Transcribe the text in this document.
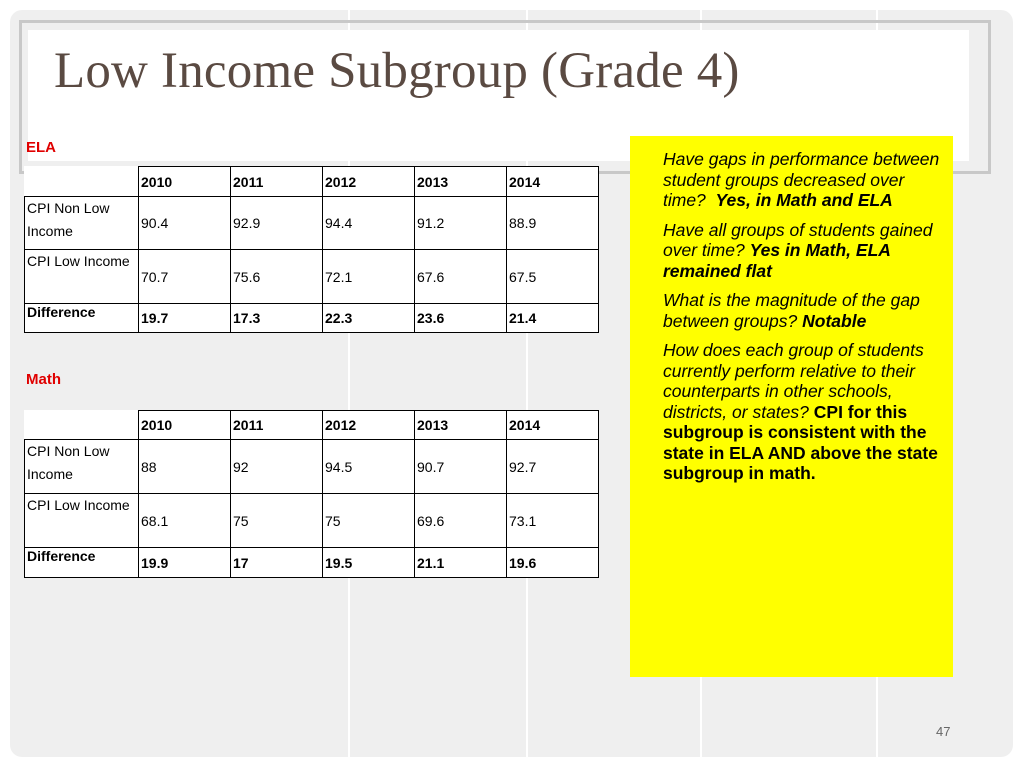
Low Income Subgroup (Grade 4)
ELA
	2010	2011	2012	2013	2014
CPI Non Low Income	90.4	92.9	94.4	91.2	88.9
CPI Low Income	70.7	75.6	72.1	67.6	67.5
Difference	19.7	17.3	22.3	23.6	21.4
Math
	2010	2011	2012	2013	2014
CPI Non Low Income	88	92	94.5	90.7	92.7
CPI Low Income	68.1	75	75	69.6	73.1
Difference	19.9	17	19.5	21.1	19.6

Have gaps in performance between student groups decreased over time? Yes, in Math and ELA

Have all groups of students gained over time? Yes in Math, ELA remained flat

What is the magnitude of the gap between groups? Notable

How does each group of students currently perform relative to their counterparts in other schools, districts, or states? CPI for this subgroup is consistent with the state in ELA AND above the state subgroup in math.

47
